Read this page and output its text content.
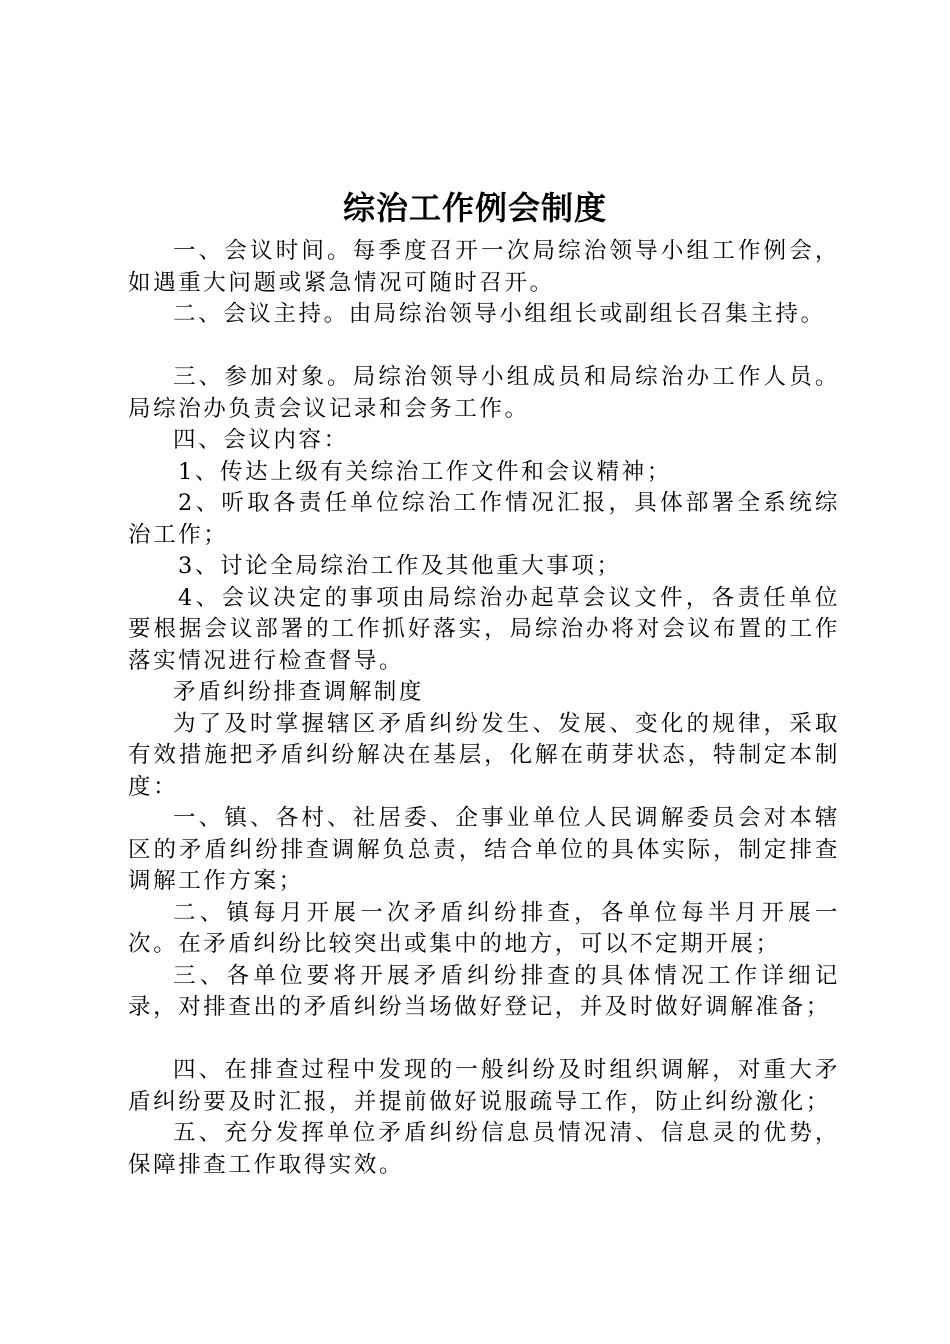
综治工作例会制度

一、会议时间。每季度召开一次局综治领导小组工作例会，如遇重大问题或紧急情况可随时召开。

二、会议主持。由局综治领导小组组长或副组长召集主持。

三、参加对象。局综治领导小组成员和局综治办工作人员。局综治办负责会议记录和会务工作。

四、会议内容：

1、传达上级有关综治工作文件和会议精神；

2、听取各责任单位综治工作情况汇报，具体部署全系统综治工作；

3、讨论全局综治工作及其他重大事项；

4、会议决定的事项由局综治办起草会议文件，各责任单位要根据会议部署的工作抓好落实，局综治办将对会议布置的工作落实情况进行检查督导。

矛盾纠纷排查调解制度

为了及时掌握辖区矛盾纠纷发生、发展、变化的规律，采取有效措施把矛盾纠纷解决在基层，化解在萌芽状态，特制定本制度：

一、镇、各村、社居委、企事业单位人民调解委员会对本辖区的矛盾纠纷排查调解负总责，结合单位的具体实际，制定排查调解工作方案；

二、镇每月开展一次矛盾纠纷排查，各单位每半月开展一次。在矛盾纠纷比较突出或集中的地方，可以不定期开展；

三、各单位要将开展矛盾纠纷排查的具体情况工作详细记录，对排查出的矛盾纠纷当场做好登记，并及时做好调解准备；

四、在排查过程中发现的一般纠纷及时组织调解，对重大矛盾纠纷要及时汇报，并提前做好说服疏导工作，防止纠纷激化；

五、充分发挥单位矛盾纠纷信息员情况清、信息灵的优势，保障排查工作取得实效。
